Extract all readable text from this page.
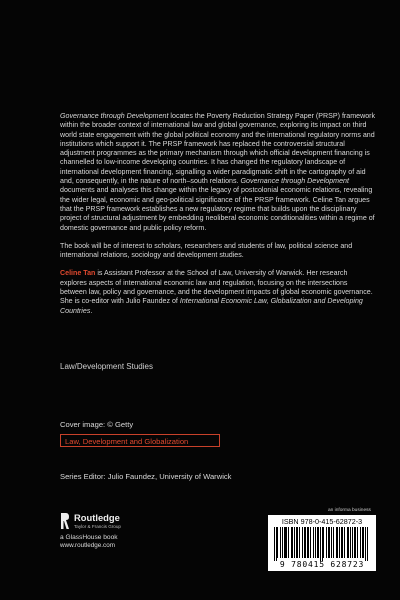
Governance through Development locates the Poverty Reduction Strategy Paper (PRSP) framework within the broader context of international law and global governance, exploring its impact on third world state engagement with the global political economy and the international regulatory norms and institutions which support it. The PRSP framework has replaced the controversial structural adjustment programmes as the primary mechanism through which official development financing is channelled to low-income developing countries. It has changed the regulatory landscape of international development financing, signalling a wider paradigmatic shift in the cartography of aid and, consequently, in the nature of north–south relations. Governance through Development documents and analyses this change within the legacy of postcolonial economic relations, revealing the wider legal, economic and geo-political significance of the PRSP framework. Celine Tan argues that the PRSP framework establishes a new regulatory regime that builds upon the disciplinary project of structural adjustment by embedding neoliberal economic conditionalities within a regime of domestic governance and public policy reform.

The book will be of interest to scholars, researchers and students of law, political science and international relations, sociology and development studies.

Celine Tan is Assistant Professor at the School of Law, University of Warwick. Her research explores aspects of international economic law and regulation, focusing on the intersections between law, policy and governance, and the development impacts of global economic governance. She is co-editor with Julio Faundez of International Economic Law, Globalization and Developing Countries.

Law/Development Studies
Cover image: © Getty
Law, Development and Globalization
Series Editor: Julio Faundez, University of Warwick
Routledge
Taylor & Francis Group
a GlassHouse book
www.routledge.com
an informa business
ISBN 978-0-415-62872-3
9 780415 628723
